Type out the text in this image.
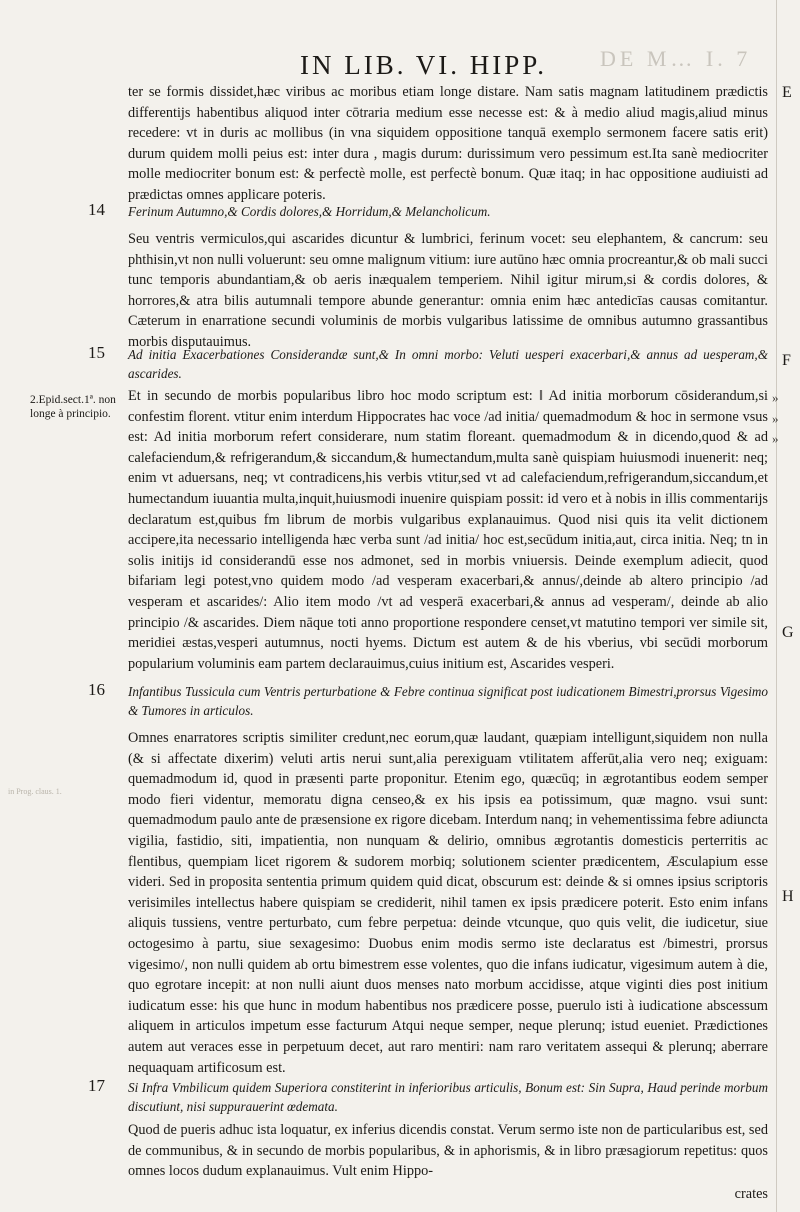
DE M… I. 7
IN LIB. VI. HIPP.
ter se formis dissidet,hæc viribus ac moribus etiam longe distare. Nam satis magnam latitudinem prædictis differentijs habentibus aliquod inter cōtraria medium esse necesse est: & à medio aliud magis,aliud minus recedere: vt in duris ac mollibus (in vna siquidem oppositione tanquā exemplo sermonem facere satis erit) durum quidem molli peius est: inter dura , magis durum: durissimum vero pessimum est.Ita sanè mediocriter molle mediocriter bonum est: & perfectè molle, est perfectè bonum. Quæ itaq; in hac oppositione audiuisti ad prædictas omnes applicare poteris.
E
14 Ferinum Autumno,& Cordis dolores,& Horridum,& Melancholicum.
Seu ventris vermiculos,qui ascarides dicuntur & lumbrici, ferinum vocet: seu elephantem, & cancrum: seu phthisin,vt non nulli voluerunt: seu omne malignum vitium: iure autūno hæc omnia procreantur,& ob mali succi tunc temporis abundantiam,& ob aeris inæqualem temperiem. Nihil igitur mirum,si & cordis dolores, & horrores,& atra bilis autumnali tempore abunde generantur: omnia enim hæc antedicīas causas comitantur. Cæterum in enarratione secundi voluminis de morbis vulgaribus latissime de omnibus autumno grassantibus morbis disputauimus.
15 Ad initia Exacerbationes Considerandæ sunt,& In omni morbo: Veluti uesperi exacerbari,& annus ad uesperam,& ascarides.
F
2.Epid.sect.1ª. non longe à principio.
»
»
»
Et in secundo de morbis popularibus libro hoc modo scriptum est: ‖ Ad initia morborum cōsiderandum,si confestim florent. vtitur enim interdum Hippocrates hac voce /ad initia/ quemadmodum & hoc in sermone vsus est: Ad initia morborum refert considerare, num statim floreant. quemadmodum & in dicendo,quod & ad calefaciendum,& refrigerandum,& siccandum,& humectandum,multa sanè quispiam huiusmodi inuenerit: neq; enim vt aduersans, neq; vt contradicens,his verbis vtitur,sed vt ad calefaciendum,refrigerandum,siccandum,et humectandum iuuantia multa,inquit,huiusmodi inuenire quispiam possit: id vero et à nobis in illis commentarijs declaratum est,quibus fm librum de morbis vulgaribus explanauimus. Quod nisi quis ita velit dictionem accipere,ita necessario intelligenda hæc verba sunt /ad initia/ hoc est,secūdum initia,aut, circa initia. Neq; tn in solis initijs id considerandū esse nos admonet, sed in morbis vniuersis. Deinde exemplum adiecit, quod bifariam legi potest,vno quidem modo /ad vesperam exacerbari,& annus/,deinde ab altero principio /ad vesperam et ascarides/: Alio item modo /vt ad vesperā exacerbari,& annus ad vesperam/, deinde ab alio principio /& ascarides. Diem nāque toti anno proportione respondere censet,vt matutino tempori ver simile sit, meridiei æstas,vesperi autumnus, nocti hyems. Dictum est autem & de his vberius, vbi secūdi morborum popularium voluminis eam partem declarauimus,cuius initium est, Ascarides vesperi.
G
16 Infantibus Tussicula cum Ventris perturbatione & Febre continua significat post iudicationem Bimestri,prorsus Vigesimo & Tumores in articulos.
in Prog. claus. 1.
Omnes enarratores scriptis similiter credunt,nec eorum,quæ laudant, quæpiam intelligunt,siquidem non nulla (& si affectate dixerim) veluti artis nerui sunt,alia perexiguam vtilitatem afferūt,alia vero neq; exiguam: quemadmodum id, quod in præsenti parte proponitur. Etenim ego, quæcūq; in ægrotantibus eodem semper modo fieri videntur, memoratu digna censeo,& ex his ipsis ea potissimum, quæ magno. vsui sunt: quemadmodum paulo ante de præsensione ex rigore dicebam. Interdum nanq; in vehementissima febre adiuncta vigilia, fastidio, siti, impatientia, non nunquam & delirio, omnibus ægrotantis domesticis perterritis ac flentibus, quempiam licet rigorem & sudorem morbiq; solutionem scienter prædicentem, Æsculapium esse videri. Sed in proposita sententia primum quidem quid dicat, obscurum est: deinde & si omnes ipsius scriptoris verisimiles intellectus habere quispiam se crediderit, nihil tamen ex ipsis prædicere poterit. Esto enim infans aliquis tussiens, ventre perturbato, cum febre perpetua: deinde vtcunque, quo quis velit, die iudicetur, siue octogesimo à partu, siue sexagesimo: Duobus enim modis sermo iste declaratus est /bimestri, prorsus vigesimo/, non nulli quidem ab ortu bimestrem esse volentes, quo die infans iudicatur, vigesimum autem à die, quo egrotare incepit: at non nulli aiunt duos menses nato morbum accidisse, atque viginti dies post initium iudicatum esse: his que hunc in modum habentibus nos prædicere posse, puerulo isti à iudicatione abscessum aliquem in articulos impetum esse facturum Atqui neque semper, neque plerunq; istud eueniet. Prædictiones autem aut veraces esse in perpetuum decet, aut raro mentiri: nam raro veritatem assequi & plerunq; aberrare nequaquam artificosum est.
H
17 Si Infra Vmbilicum quidem Superiora constiterint in inferioribus articulis, Bonum est: Sin Supra, Haud perinde morbum discutiunt, nisi suppurauerint œdemata.
Quod de pueris adhuc ista loquatur, ex inferius dicendis constat. Verum sermo iste non de particularibus est, sed de communibus, & in secundo de morbis popularibus, & in aphorismis, & in libro præsagiorum repetitus: quos omnes locos dudum explanauimus. Vult enim Hippo-
crates
